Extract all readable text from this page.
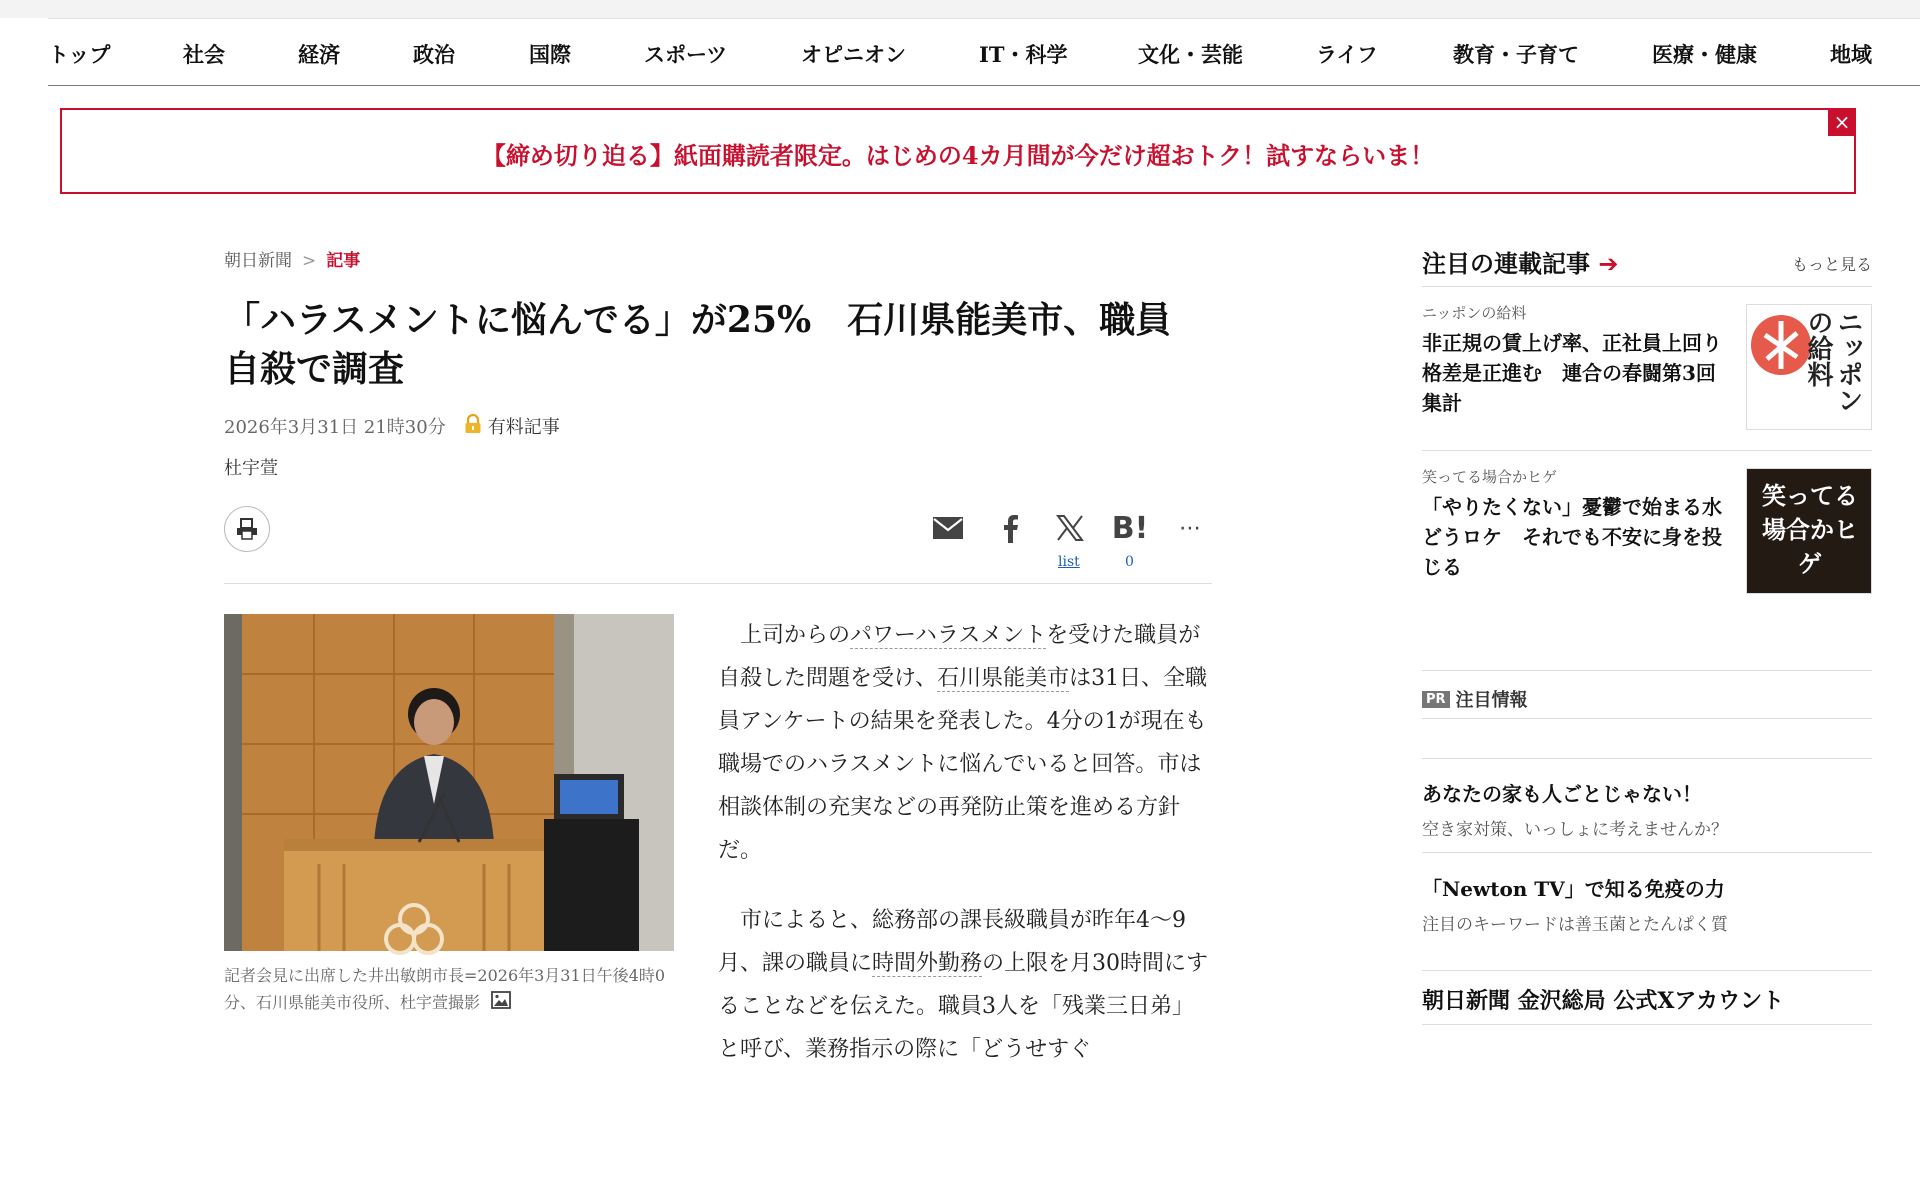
トップ	社会	経済	政治	国際	スポーツ	オピニオン	IT・科学	文化・芸能	ライフ	教育・子育て	医療・健康	地域
【締め切り迫る】紙面購読者限定。はじめの4カ月間が今だけ超おトク！試すならいま！
×
朝日新聞 > 記事
「ハラスメントに悩んでる」が25%　石川県能美市、職員自殺で調査
2026年3月31日 21時30分 有料記事
杜宇萱
list
B!
0
⋯
記者会見に出席した井出敏朗市長=2026年3月31日午後4時0分、石川県能美市役所、杜宇萱撮影

上司からのパワーハラスメントを受けた職員が自殺した問題を受け、石川県能美市は31日、全職員アンケートの結果を発表した。4分の1が現在も職場でのハラスメントに悩んでいると回答。市は相談体制の充実などの再発防止策を進める方針だ。

市によると、総務部の課長級職員が昨年4～9月、課の職員に時間外勤務の上限を月30時間にすることなどを伝えた。職員3人を「残業三日弟」と呼び、業務指示の際に「どうせすぐ

注目の連載記事 ➔	もっと見る
ニッポンの給料
非正規の賃上げ率、正社員上回り格差是正進む　連合の春闘第3回集計	ニッポンの給料
笑ってる場合かヒゲ
「やりたくない」憂鬱で始まる水どうロケ　それでも不安に身を投じる
笑ってる場合かヒゲ
PR 注目情報
あなたの家も人ごとじゃない！
空き家対策、いっしょに考えませんか？
「Newton TV」で知る免疫の力
注目のキーワードは善玉菌とたんぱく質
朝日新聞 金沢総局 公式Xアカウント
